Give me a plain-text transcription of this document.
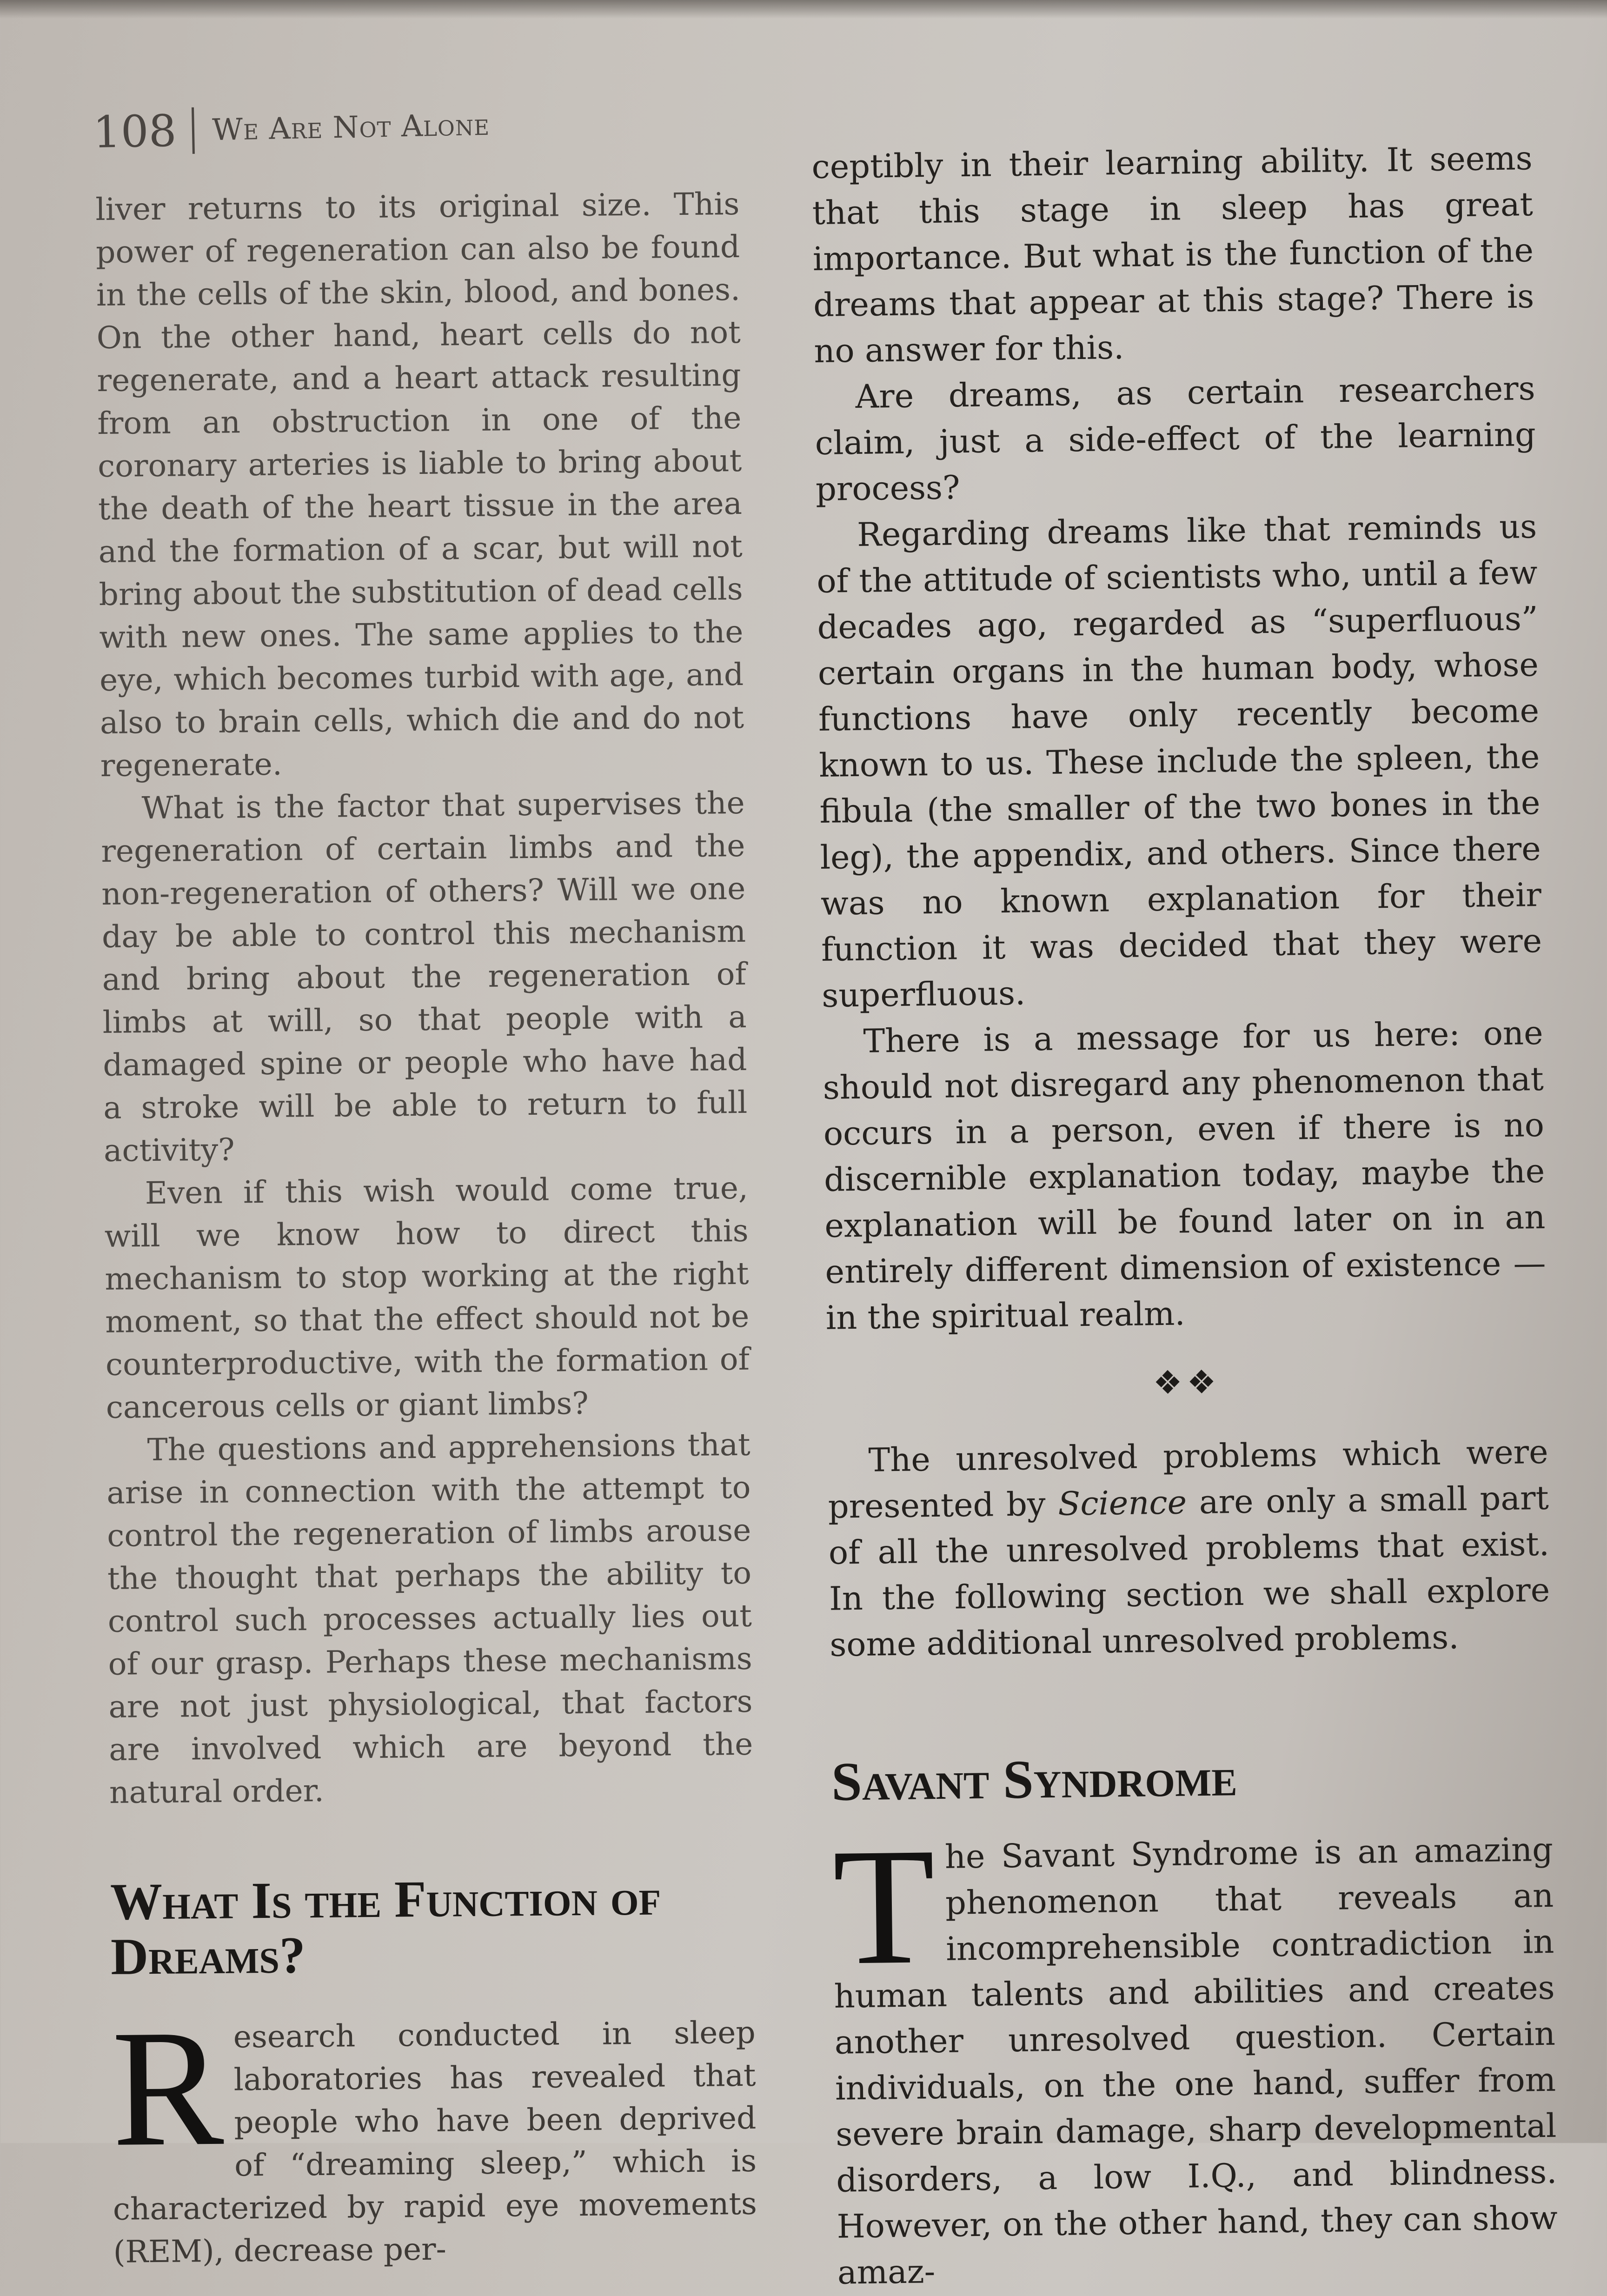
108 We Are Not Alone

liver returns to its original size. This power of regeneration can also be found in the cells of the skin, blood, and bones. On the other hand, heart cells do not regenerate, and a heart attack resulting from an obstruction in one of the coronary arteries is liable to bring about the death of the heart tissue in the area and the formation of a scar, but will not bring about the substitution of dead cells with new ones. The same applies to the eye, which becomes turbid with age, and also to brain cells, which die and do not regenerate.

What is the factor that supervises the regeneration of certain limbs and the non-regeneration of others? Will we one day be able to control this mechanism and bring about the regeneration of limbs at will, so that people with a damaged spine or people who have had a stroke will be able to return to full activity?

Even if this wish would come true, will we know how to direct this mechanism to stop working at the right moment, so that the effect should not be counterproductive, with the formation of cancerous cells or giant limbs?

The questions and apprehensions that arise in connection with the attempt to control the regeneration of limbs arouse the thought that perhaps the ability to control such processes actually lies out of our grasp. Perhaps these mechanisms are not just physiological, that factors are involved which are beyond the natural order.

What Is the Function of Dreams?

R esearch conducted in sleep laboratories has revealed that people who have been deprived of “dreaming sleep,” which is characterized by rapid eye movements (REM), decrease per-

ceptibly in their learning ability. It seems that this stage in sleep has great importance. But what is the function of the dreams that appear at this stage? There is no answer for this.

Are dreams, as certain researchers claim, just a side-effect of the learning process?

Regarding dreams like that reminds us of the attitude of scientists who, until a few decades ago, regarded as “superfluous” certain organs in the human body, whose functions have only recently become known to us. These include the spleen, the fibula (the smaller of the two bones in the leg), the appendix, and others. Since there was no known explanation for their function it was decided that they were superfluous.

There is a message for us here: one should not disregard any phenomenon that occurs in a person, even if there is no discernible explanation today, maybe the explanation will be found later on in an entirely different dimension of existence — in the spiritual realm.

❖❖

The unresolved problems which were presented by Science are only a small part of all the unresolved problems that exist. In the following section we shall explore some additional unresolved problems.

Savant Syndrome

T he Savant Syndrome is an amazing phenomenon that reveals an incomprehensible contradiction in human talents and abilities and creates another unresolved question. Certain individuals, on the one hand, suffer from severe brain damage, sharp developmental disorders, a low I.Q., and blindness. However, on the other hand, they can show amaz-
